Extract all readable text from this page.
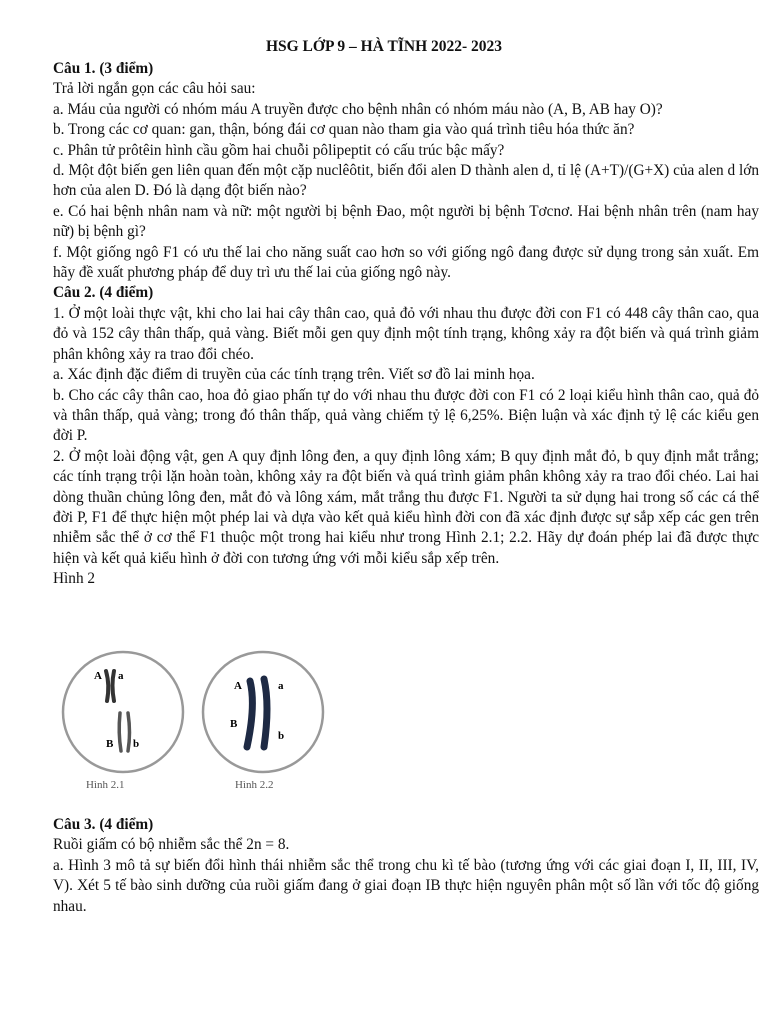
HSG LỚP 9 – HÀ TĨNH 2022- 2023

Câu 1. (3 điểm)

Trả lời ngắn gọn các câu hỏi sau:

a. Máu của người có nhóm máu A truyền được cho bệnh nhân có nhóm máu nào (A, B, AB hay O)?

b. Trong các cơ quan: gan, thận, bóng đái cơ quan nào tham gia vào quá trình tiêu hóa thức ăn?

c. Phân tử prôtêin hình cầu gồm hai chuỗi pôlipeptit có cấu trúc bậc mấy?

d. Một đột biến gen liên quan đến một cặp nuclêôtit, biến đổi alen D thành alen d, tỉ lệ (A+T)/(G+X) của alen d lớn hơn của alen D. Đó là dạng đột biến nào?

e. Có hai bệnh nhân nam và nữ: một người bị bệnh Đao, một người bị bệnh Tơcnơ. Hai bệnh nhân trên (nam hay nữ) bị bệnh gì?

f. Một giống ngô F1 có ưu thế lai cho năng suất cao hơn so với giống ngô đang được sử dụng trong sản xuất. Em hãy đề xuất phương pháp để duy trì ưu thế lai của giống ngô này.

Câu 2. (4 điểm)

1. Ở một loài thực vật, khi cho lai hai cây thân cao, quả đỏ với nhau thu được đời con F1 có 448 cây thân cao, qua đỏ và 152 cây thân thấp, quả vàng. Biết mỗi gen quy định một tính trạng, không xảy ra đột biến và quá trình giảm phân không xảy ra trao đổi chéo.

a. Xác định đặc điểm di truyền của các tính trạng trên. Viết sơ đồ lai minh họa.

b. Cho các cây thân cao, hoa đỏ giao phấn tự do với nhau thu được đời con F1 có 2 loại kiểu hình thân cao, quả đỏ và thân thấp, quả vàng; trong đó thân thấp, quả vàng chiếm tỷ lệ 6,25%. Biện luận và xác định tỷ lệ các kiểu gen đời P.

2. Ở một loài động vật, gen A quy định lông đen, a quy định lông xám; B quy định mắt đỏ, b quy định mắt trắng; các tính trạng trội lặn hoàn toàn, không xảy ra đột biến và quá trình giảm phân không xảy ra trao đổi chéo. Lai hai dòng thuần chủng lông đen, mắt đỏ và lông xám, mắt trắng thu được F1. Người ta sử dụng hai trong số các cá thể đời P, F1 để thực hiện một phép lai và dựa vào kết quả kiểu hình đời con đã xác định được sự sắp xếp các gen trên nhiễm sắc thể ở cơ thể F1 thuộc một trong hai kiểu như trong Hình 2.1; 2.2. Hãy dự đoán phép lai đã được thực hiện và kết quả kiểu hình ở đời con tương ứng với mỗi kiểu sắp xếp trên.

Hình 2

A a
B b
Hình 2.1
A	a
B
b
Hình 2.2

Câu 3. (4 điểm)

Ruồi giấm có bộ nhiễm sắc thể 2n = 8.

a. Hình 3 mô tả sự biến đổi hình thái nhiễm sắc thể trong chu kì tế bào (tương ứng với các giai đoạn I, II, III, IV, V). Xét 5 tế bào sinh dưỡng của ruồi giấm đang ở giai đoạn IB thực hiện nguyên phân một số lần với tốc độ giống nhau.
